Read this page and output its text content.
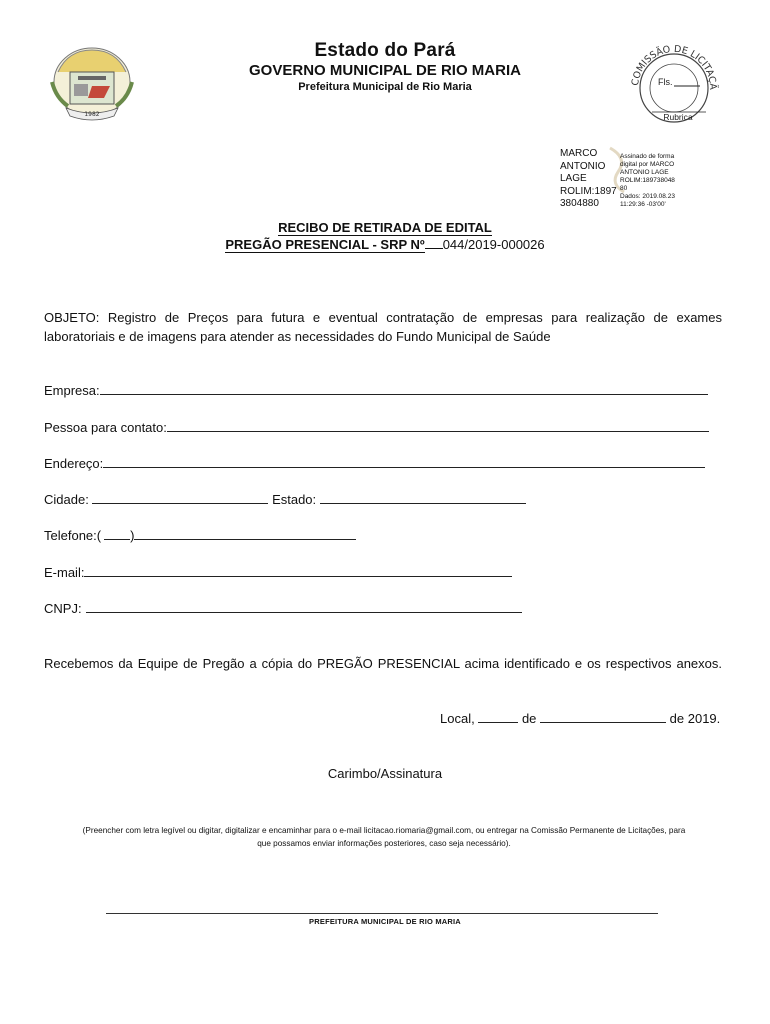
1982
Estado do Pará
GOVERNO MUNICIPAL DE RIO MARIA
Prefeitura Municipal de Rio Maria	COMISSÃO DE LICITAÇÃ
Fls.
Rubrica
MARCO
ANTONIO
LAGE
ROLIM:1897
3804880
Assinado de forma
digital por MARCO
ANTONIO LAGE
ROLIM:189738048
80
Dados: 2019.08.23
11:29:36 -03'00'
RECIBO DE RETIRADA DE EDITAL
PREGÃO PRESENCIAL - SRP Nº 044/2019-000026
OBJETO: Registro de Preços para futura e eventual contratação de empresas para realização de exames
laboratoriais e de imagens para atender as necessidades do Fundo Municipal de Saúde
Empresa:
Pessoa para contato:
Endereço:
Cidade:	Estado:
Telefone:( )
E-mail:
CNPJ:
Recebemos da Equipe de Pregão a cópia do PREGÃO PRESENCIAL acima identificado e os respectivos anexos.
Local,	de	de 2019.
Carimbo/Assinatura
(Preencher com letra legível ou digitar, digitalizar e encaminhar para o e-mail licitacao.riomaria@gmail.com, ou entregar na Comissão Permanente de Licitações, para
que possamos enviar informações posteriores, caso seja necessário).
PREFEITURA MUNICIPAL DE RIO MARIA
